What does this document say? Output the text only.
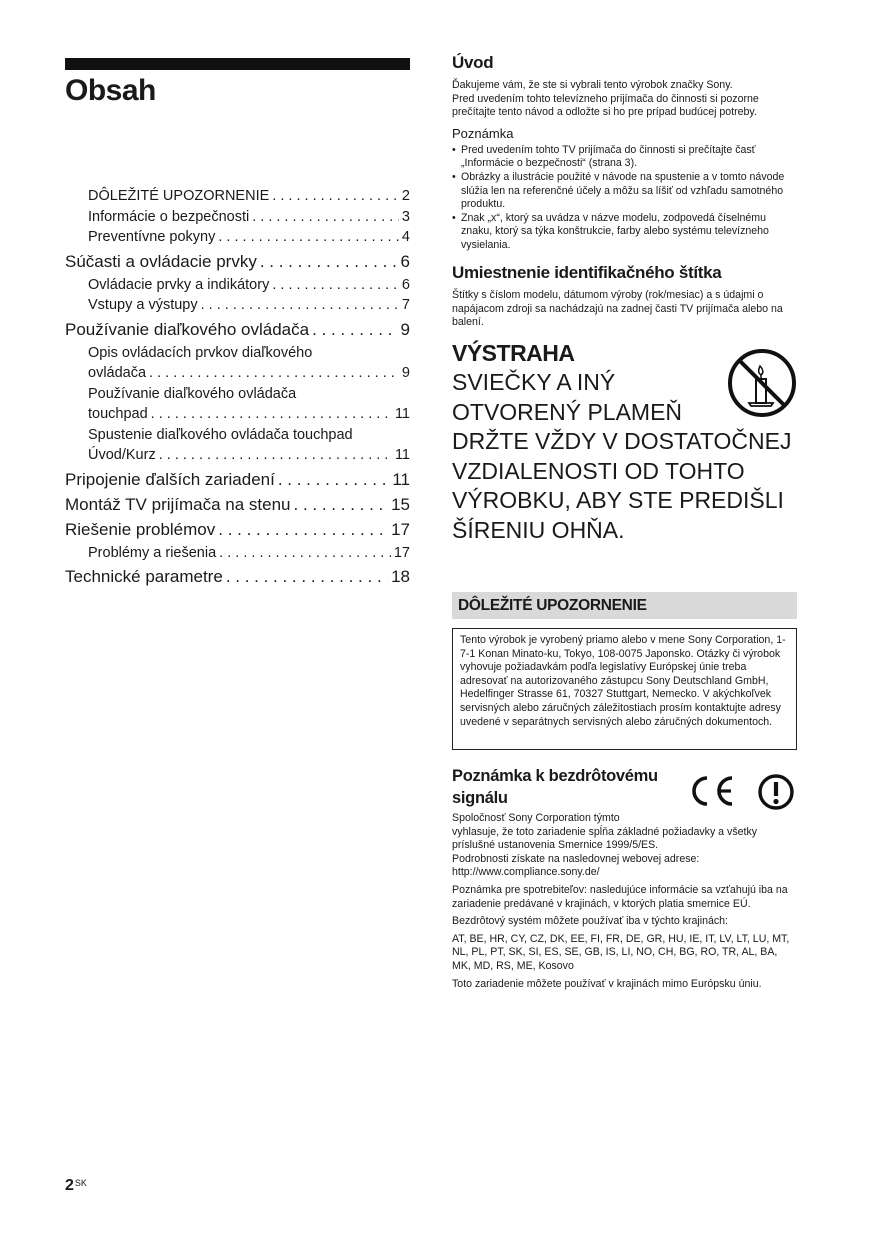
Obsah
DÔLEŽITÉ UPOZORNENIE . . .	2
Informácie o bezpečnosti . . .	3
Preventívne pokyny . . .	4
Súčasti a ovládacie prvky . . .	6
Ovládacie prvky a indikátory . . .	6
Vstupy a výstupy . . .	7
Používanie diaľkového ovládača . . .	9
Opis ovládacích prvkov diaľkového
ovládača . . .	9
Používanie diaľkového ovládača
touchpad . . .	11
Spustenie diaľkového ovládača touchpad
Úvod/Kurz . . .	11
Pripojenie ďalších zariadení . . .	11
Montáž TV prijímača na stenu . . .	15
Riešenie problémov . . .	17
Problémy a riešenia . . .	17
Technické parametre . . .	18
Úvod

Ďakujeme vám, že ste si vybrali tento výrobok značky Sony.
Pred uvedením tohto televízneho prijímača do činnosti si pozorne
prečítajte tento návod a odložte si ho pre prípad budúcej potreby.

Poznámka
• Pred uvedením tohto TV prijímača do činnosti si prečítajte časť „Informácie o bezpečnosti“ (strana 3).
• Obrázky a ilustrácie použité v návode na spustenie a v tomto návode slúžia len na referenčné účely a môžu sa líšiť od vzhľadu samotného produktu.
• Znak „x“, ktorý sa uvádza v názve modelu, zodpovedá číselnému znaku, ktorý sa týka konštrukcie, farby alebo systému televízneho vysielania.
Umiestnenie identifikačného štítka

Štítky s číslom modelu, dátumom výroby (rok/mesiac) a s údajmi o napájacom zdroji sa nachádzajú na zadnej časti TV prijímača alebo na balení.

VÝSTRAHA

SVIEČKY A INÝ
OTVORENÝ PLAMEŇ
DRŽTE VŽDY V DOSTATOČNEJ
VZDIALENOSTI OD TOHTO
VÝROBKU, ABY STE PREDIŠLI
ŠÍRENIU OHŇA.

DÔLEŽITÉ UPOZORNENIE

Tento výrobok je vyrobený priamo alebo v mene Sony Corporation, 1-7-1 Konan Minato-ku, Tokyo, 108-0075 Japonsko. Otázky či výrobok vyhovuje požiadavkám podľa legislatívy Európskej únie treba adresovať na autorizovaného zástupcu Sony Deutschland GmbH, Hedelfinger Strasse 61, 70327 Stuttgart, Nemecko. V akýchkoľvek servisných alebo záručných záležitostiach prosím kontaktujte adresy uvedené v separátnych servisných alebo záručných dokumentoch.

Poznámka k bezdrôtovému
signálu

Spoločnosť Sony Corporation týmto
vyhlasuje, že toto zariadenie spĺňa základné požiadavky a všetky príslušné ustanovenia Smernice 1999/5/ES.
Podrobnosti získate na nasledovnej webovej adrese:
http://www.compliance.sony.de/

Poznámka pre spotrebiteľov: nasledujúce informácie sa vzťahujú iba na zariadenie predávané v krajinách, v ktorých platia smernice EÚ.

Bezdrôtový systém môžete používať iba v týchto krajinách:

AT, BE, HR, CY, CZ, DK, EE, FI, FR, DE, GR, HU, IE, IT, LV, LT, LU, MT, NL, PL, PT, SK, SI, ES, SE, GB, IS, LI, NO, CH, BG, RO, TR, AL, BA, MK, MD, RS, ME, Kosovo

Toto zariadenie môžete používať v krajinách mimo Európsku úniu.

$2^{SK}$
